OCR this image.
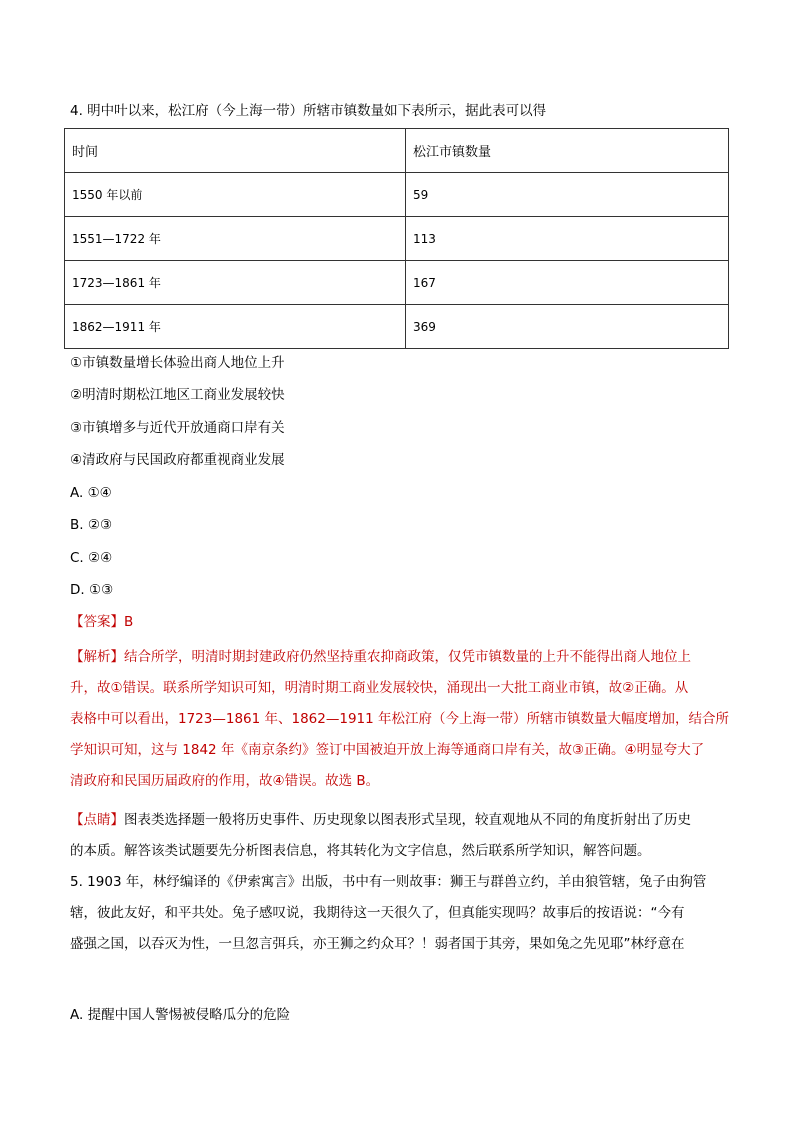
4. 明中叶以来，松江府（今上海一带）所辖市镇数量如下表所示，据此表可以得
时间	松江市镇数量
1550 年以前	59
1551—1722 年	113
1723—1861 年	167
1862—1911 年	369
①市镇数量增长体验出商人地位上升
②明清时期松江地区工商业发展较快
③市镇增多与近代开放通商口岸有关
④清政府与民国政府都重视商业发展
A. ①④
B. ②③
C. ②④
D. ①③
【答案】B
【解析】结合所学，明清时期封建政府仍然坚持重农抑商政策，仅凭市镇数量的上升不能得出商人地位上
升，故①错误。联系所学知识可知，明清时期工商业发展较快，涌现出一大批工商业市镇，故②正确。从
表格中可以看出，1723—1861 年、1862—1911 年松江府（今上海一带）所辖市镇数量大幅度增加，结合所
学知识可知，这与 1842 年《南京条约》签订中国被迫开放上海等通商口岸有关，故③正确。④明显夸大了
清政府和民国历届政府的作用，故④错误。故选 B。
【点睛】图表类选择题一般将历史事件、历史现象以图表形式呈现，较直观地从不同的角度折射出了历史
的本质。解答该类试题要先分析图表信息，将其转化为文字信息，然后联系所学知识，解答问题。
5. 1903 年，林纾编译的《伊索寓言》出版，书中有一则故事：狮王与群兽立约，羊由狼管辖，兔子由狗管
辖，彼此友好，和平共处。兔子感叹说，我期待这一天很久了，但真能实现吗？故事后的按语说：“今有
盛强之国，以吞灭为性，一旦忽言弭兵，亦王狮之约众耳？！弱者国于其旁，果如兔之先见耶”林纾意在
A. 提醒中国人警惕被侵略瓜分的危险
